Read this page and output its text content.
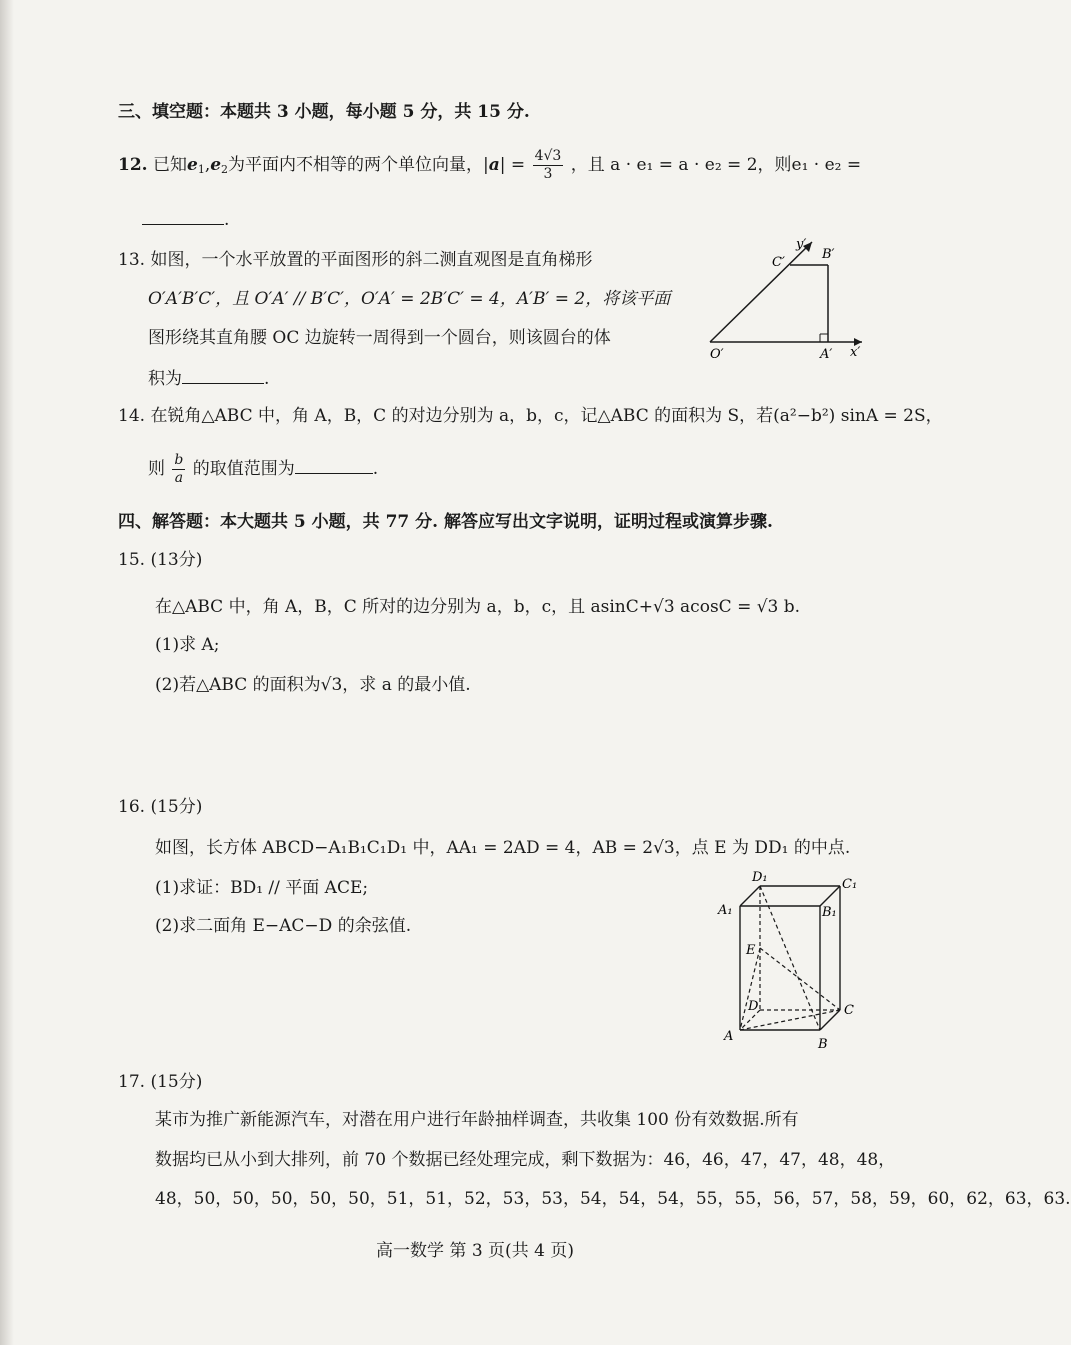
三、填空题：本题共 3 小题，每小题 5 分，共 15 分.
12. 已知$e_1,e_2$为平面内不相等的两个单位向量，$|a| = \frac{4√3}{3}$ ，且 a · e₁ = a · e₂ = 2，则e₁ · e₂ =
.
13. 如图，一个水平放置的平面图形的斜二测直观图是直角梯形
O′A′B′C′，且 O′A′ // B′C′，O′A′ = 2B′C′ = 4，A′B′ = 2，将该平面
图形绕其直角腰 OC 边旋转一周得到一个圆台，则该圆台的体
积为	.
y′
C′
B′
O′	A′ x′
14. 在锐角△ABC 中，角 A，B，C 的对边分别为 a，b，c，记△ABC 的面积为 S，若(a²−b²) sinA = 2S，
则 $\frac{b}{a}$ 的取值范围为	.
四、解答题：本大题共 5 小题，共 77 分. 解答应写出文字说明，证明过程或演算步骤.
15. (13分)
在△ABC 中，角 A，B，C 所对的边分别为 a，b，c，且 asinC+√3 acosC = √3 b.
(1)求 A;
(2)若△ABC 的面积为√3，求 a 的最小值.
16. (15分)
如图，长方体 ABCD−A₁B₁C₁D₁ 中，AA₁ = 2AD = 4，AB = 2√3，点 E 为 DD₁ 的中点.
(1)求证：BD₁ // 平面 ACE;
(2)求二面角 E−AC−D 的余弦值.
D₁	C₁
A₁	B₁
E
D	C
A
B
17. (15分)
某市为推广新能源汽车，对潜在用户进行年龄抽样调查，共收集 100 份有效数据.所有
数据均已从小到大排列，前 70 个数据已经处理完成，剩下数据为：46，46，47，47，48，48，
48，50，50，50，50，50，51，51，52，53，53，54，54，54，55，55，56，57，58，59，60，62，63，63.
高一数学 第 3 页(共 4 页)
